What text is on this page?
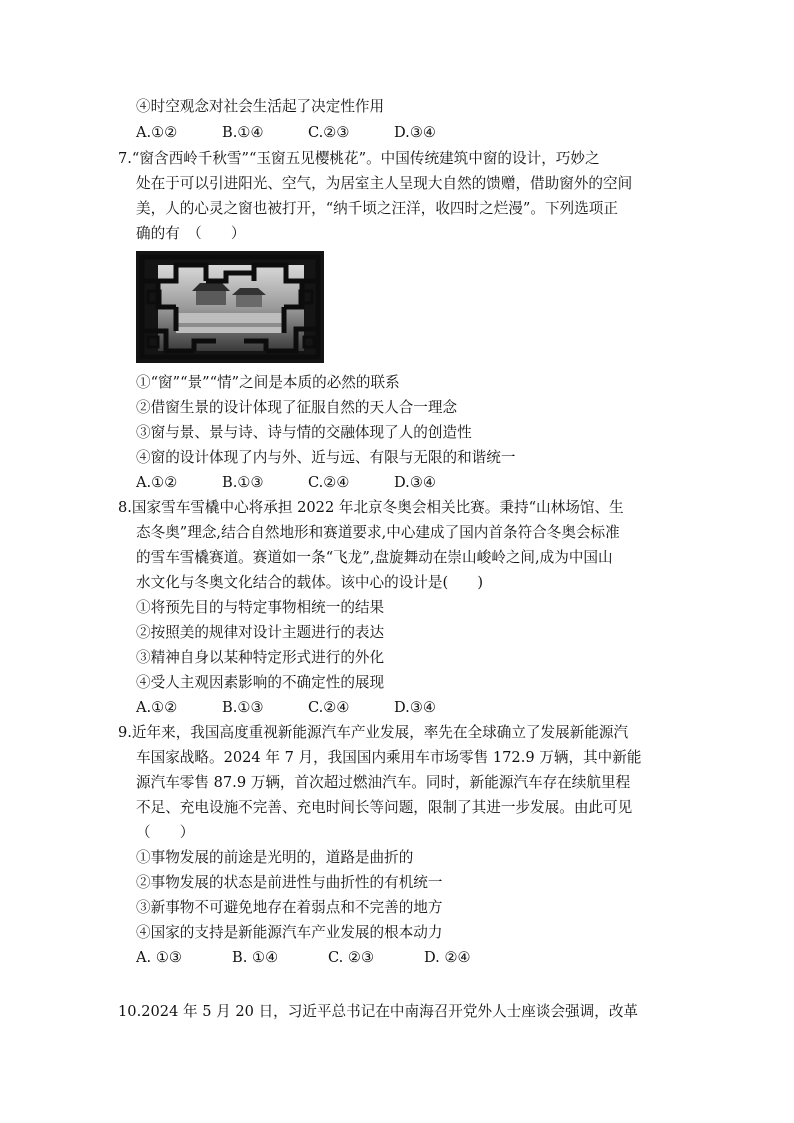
④时空观念对社会生活起了决定性作用
A.①②	B.①④	C.②③	D.③④
7.“窗含西岭千秋雪”“玉窗五见樱桃花”。中国传统建筑中窗的设计，巧妙之
处在于可以引进阳光、空气，为居室主人呈现大自然的馈赠，借助窗外的空间
美，人的心灵之窗也被打开，“纳千顷之汪洋，收四时之烂漫”。下列选项正
确的有　（　　）
①“窗”“景”“情”之间是本质的必然的联系
②借窗生景的设计体现了征服自然的天人合一理念
③窗与景、景与诗、诗与情的交融体现了人的创造性
④窗的设计体现了内与外、近与远、有限与无限的和谐统一
A.①②	B.①③	C.②④	D.③④
8.国家雪车雪橇中心将承担 2022 年北京冬奥会相关比赛。秉持“山林场馆、生
态冬奥”理念,结合自然地形和赛道要求,中心建成了国内首条符合冬奥会标准
的雪车雪橇赛道。赛道如一条“飞龙”,盘旋舞动在崇山峻岭之间,成为中国山
水文化与冬奥文化结合的载体。该中心的设计是(　　)
①将预先目的与特定事物相统一的结果
②按照美的规律对设计主题进行的表达
③精神自身以某种特定形式进行的外化
④受人主观因素影响的不确定性的展现
A.①②	B.①③	C.②④	D.③④
9.近年来，我国高度重视新能源汽车产业发展，率先在全球确立了发展新能源汽
车国家战略。2024 年 7 月，我国国内乘用车市场零售 172.9 万辆，其中新能
源汽车零售 87.9 万辆，首次超过燃油汽车。同时，新能源汽车存在续航里程
不足、充电设施不完善、充电时间长等问题，限制了其进一步发展。由此可见
（　　）
①事物发展的前途是光明的，道路是曲折的
②事物发展的状态是前进性与曲折性的有机统一
③新事物不可避免地存在着弱点和不完善的地方
④国家的支持是新能源汽车产业发展的根本动力
A. ①③	B. ①④	C. ②③	D. ②④
10.2024 年 5 月 20 日，习近平总书记在中南海召开党外人士座谈会强调，改革
